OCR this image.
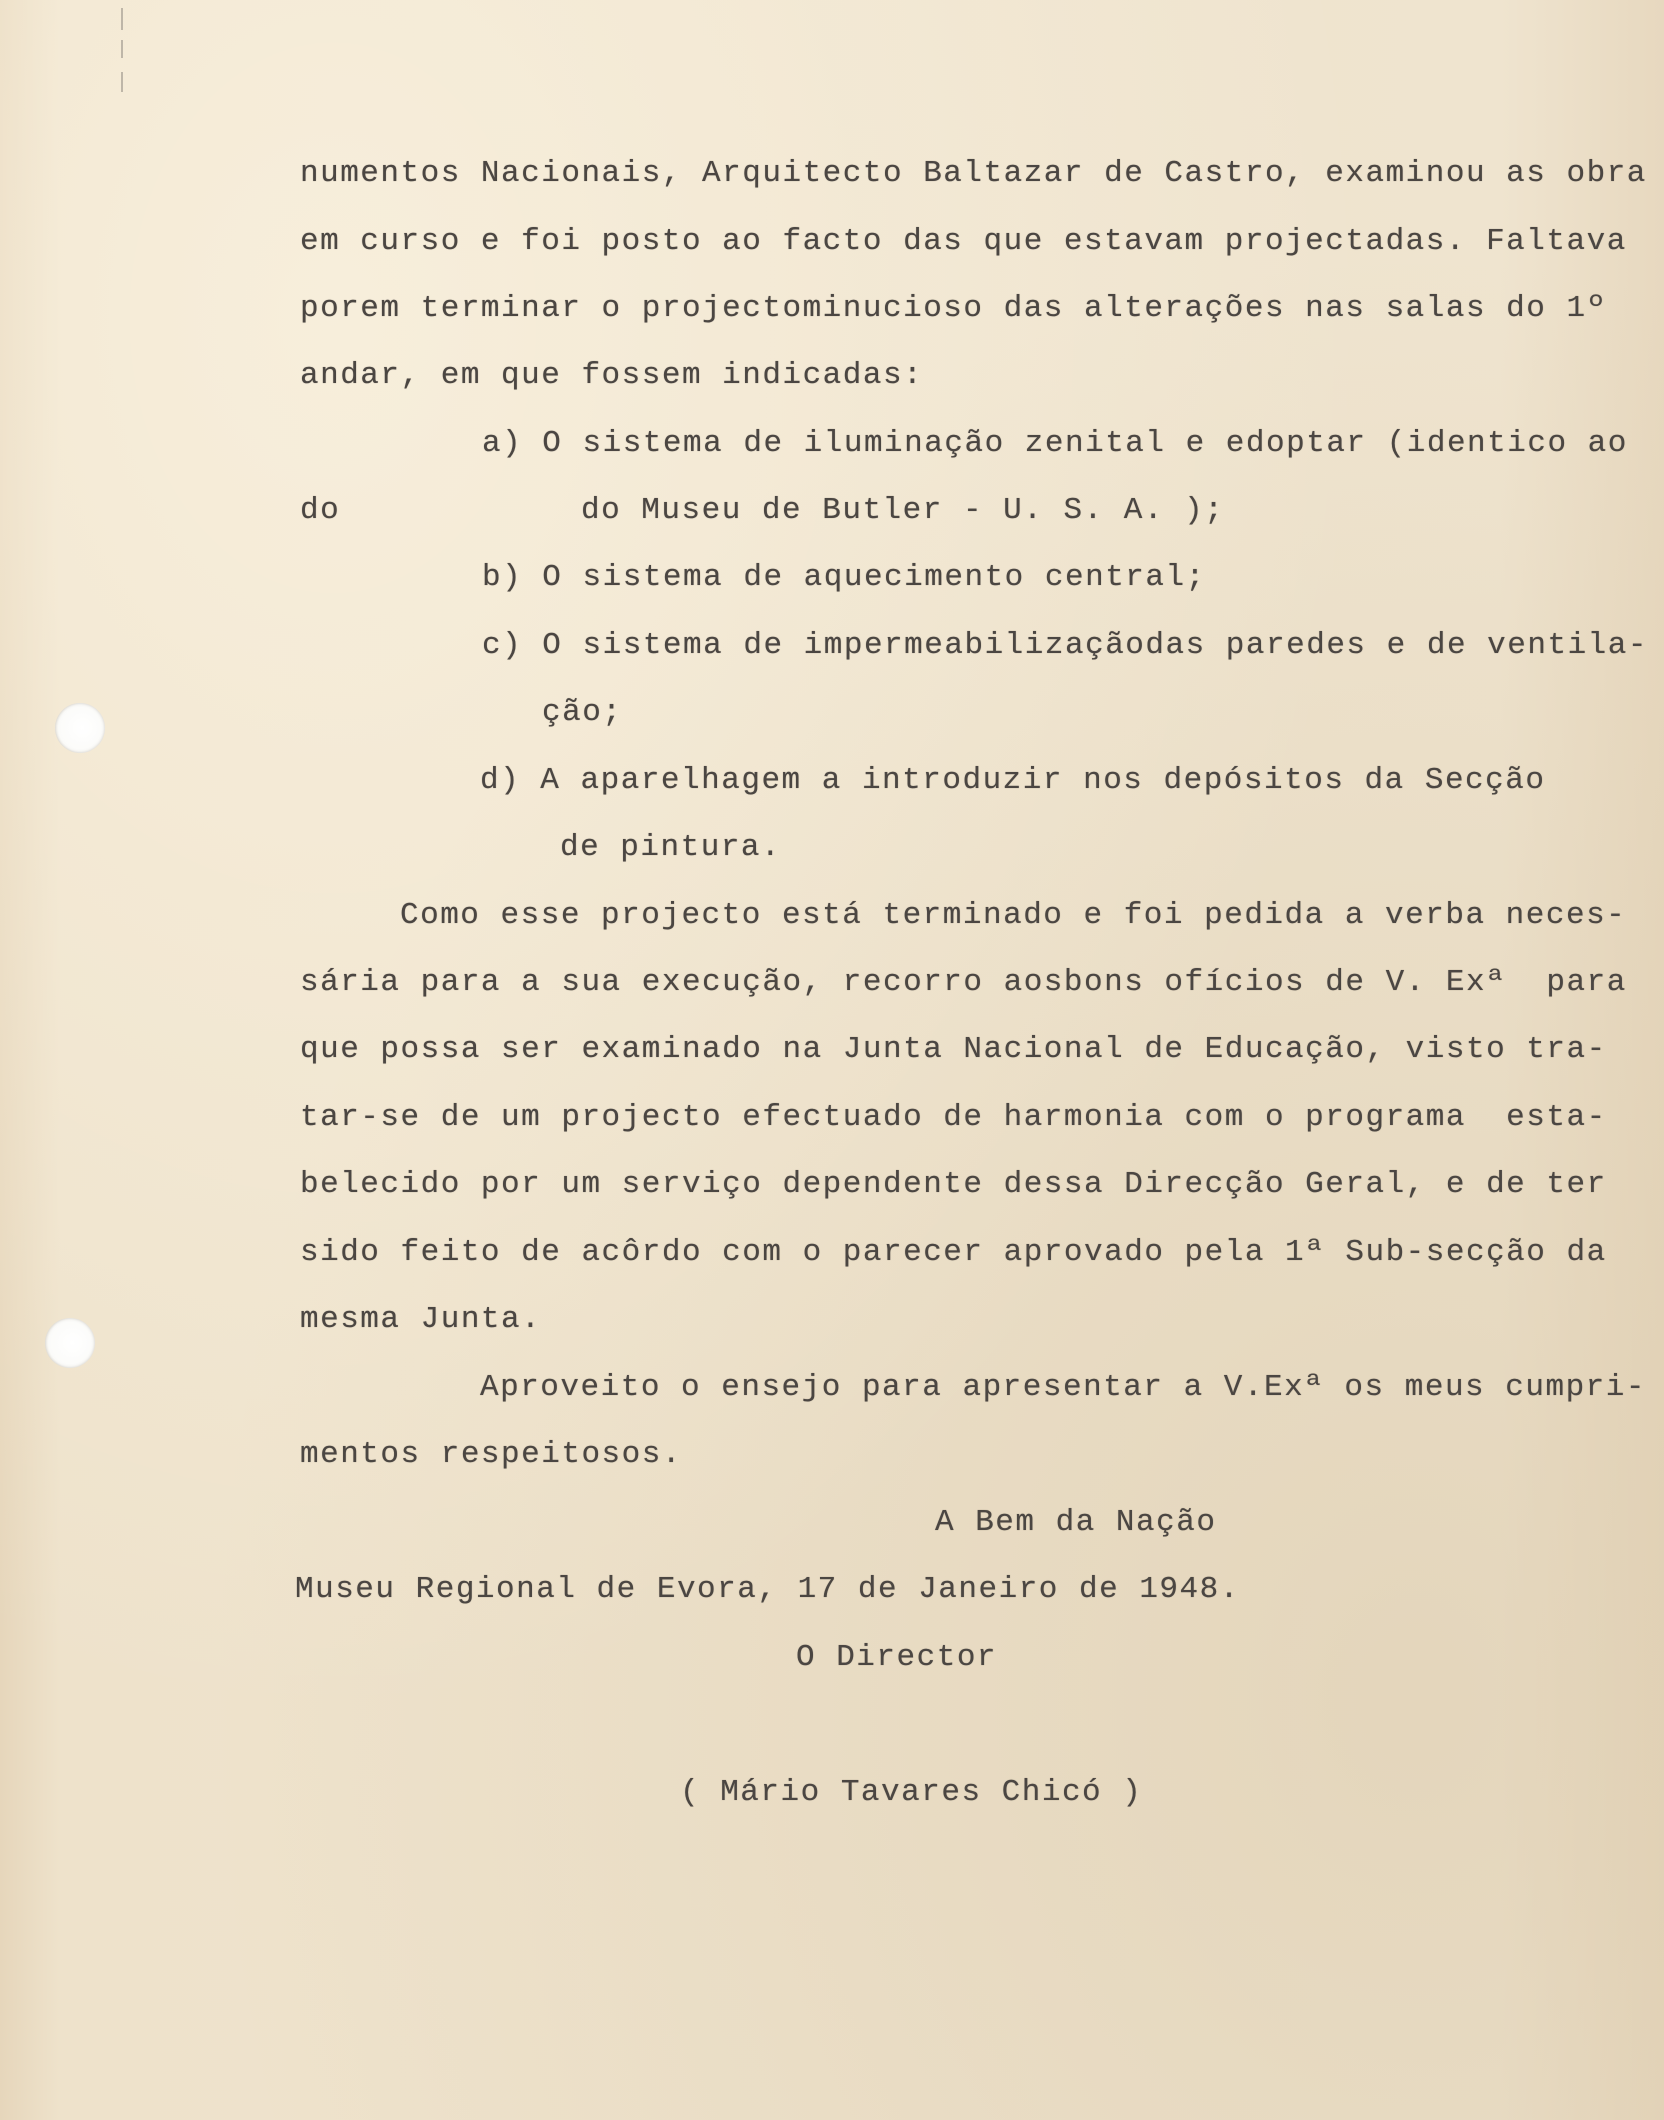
numentos Nacionais, Arquitecto Baltazar de Castro, examinou as obra
em curso e foi posto ao facto das que estavam projectadas. Faltava
porem terminar o projectominucioso das alterações nas salas do 1º
andar, em que fossem indicadas:
a) O sistema de iluminação zenital e edoptar (identico ao
do	do Museu de Butler - U. S. A. );
b) O sistema de aquecimento central;
c) O sistema de impermeabilizaçãodas paredes e de ventila-
ção;
d) A aparelhagem a introduzir nos depósitos da Secção
de pintura.
Como esse projecto está terminado e foi pedida a verba neces-
sária para a sua execução, recorro aosbons ofícios de V. Exª  para
que possa ser examinado na Junta Nacional de Educação, visto tra-
tar-se de um projecto efectuado de harmonia com o programa  esta-
belecido por um serviço dependente dessa Direcção Geral, e de ter
sido feito de acôrdo com o parecer aprovado pela 1ª Sub-secção da
mesma Junta.
Aproveito o ensejo para apresentar a V.Exª os meus cumpri-
mentos respeitosos.
A Bem da Nação
Museu Regional de Evora, 17 de Janeiro de 1948.
O Director
( Mário Tavares Chicó )
